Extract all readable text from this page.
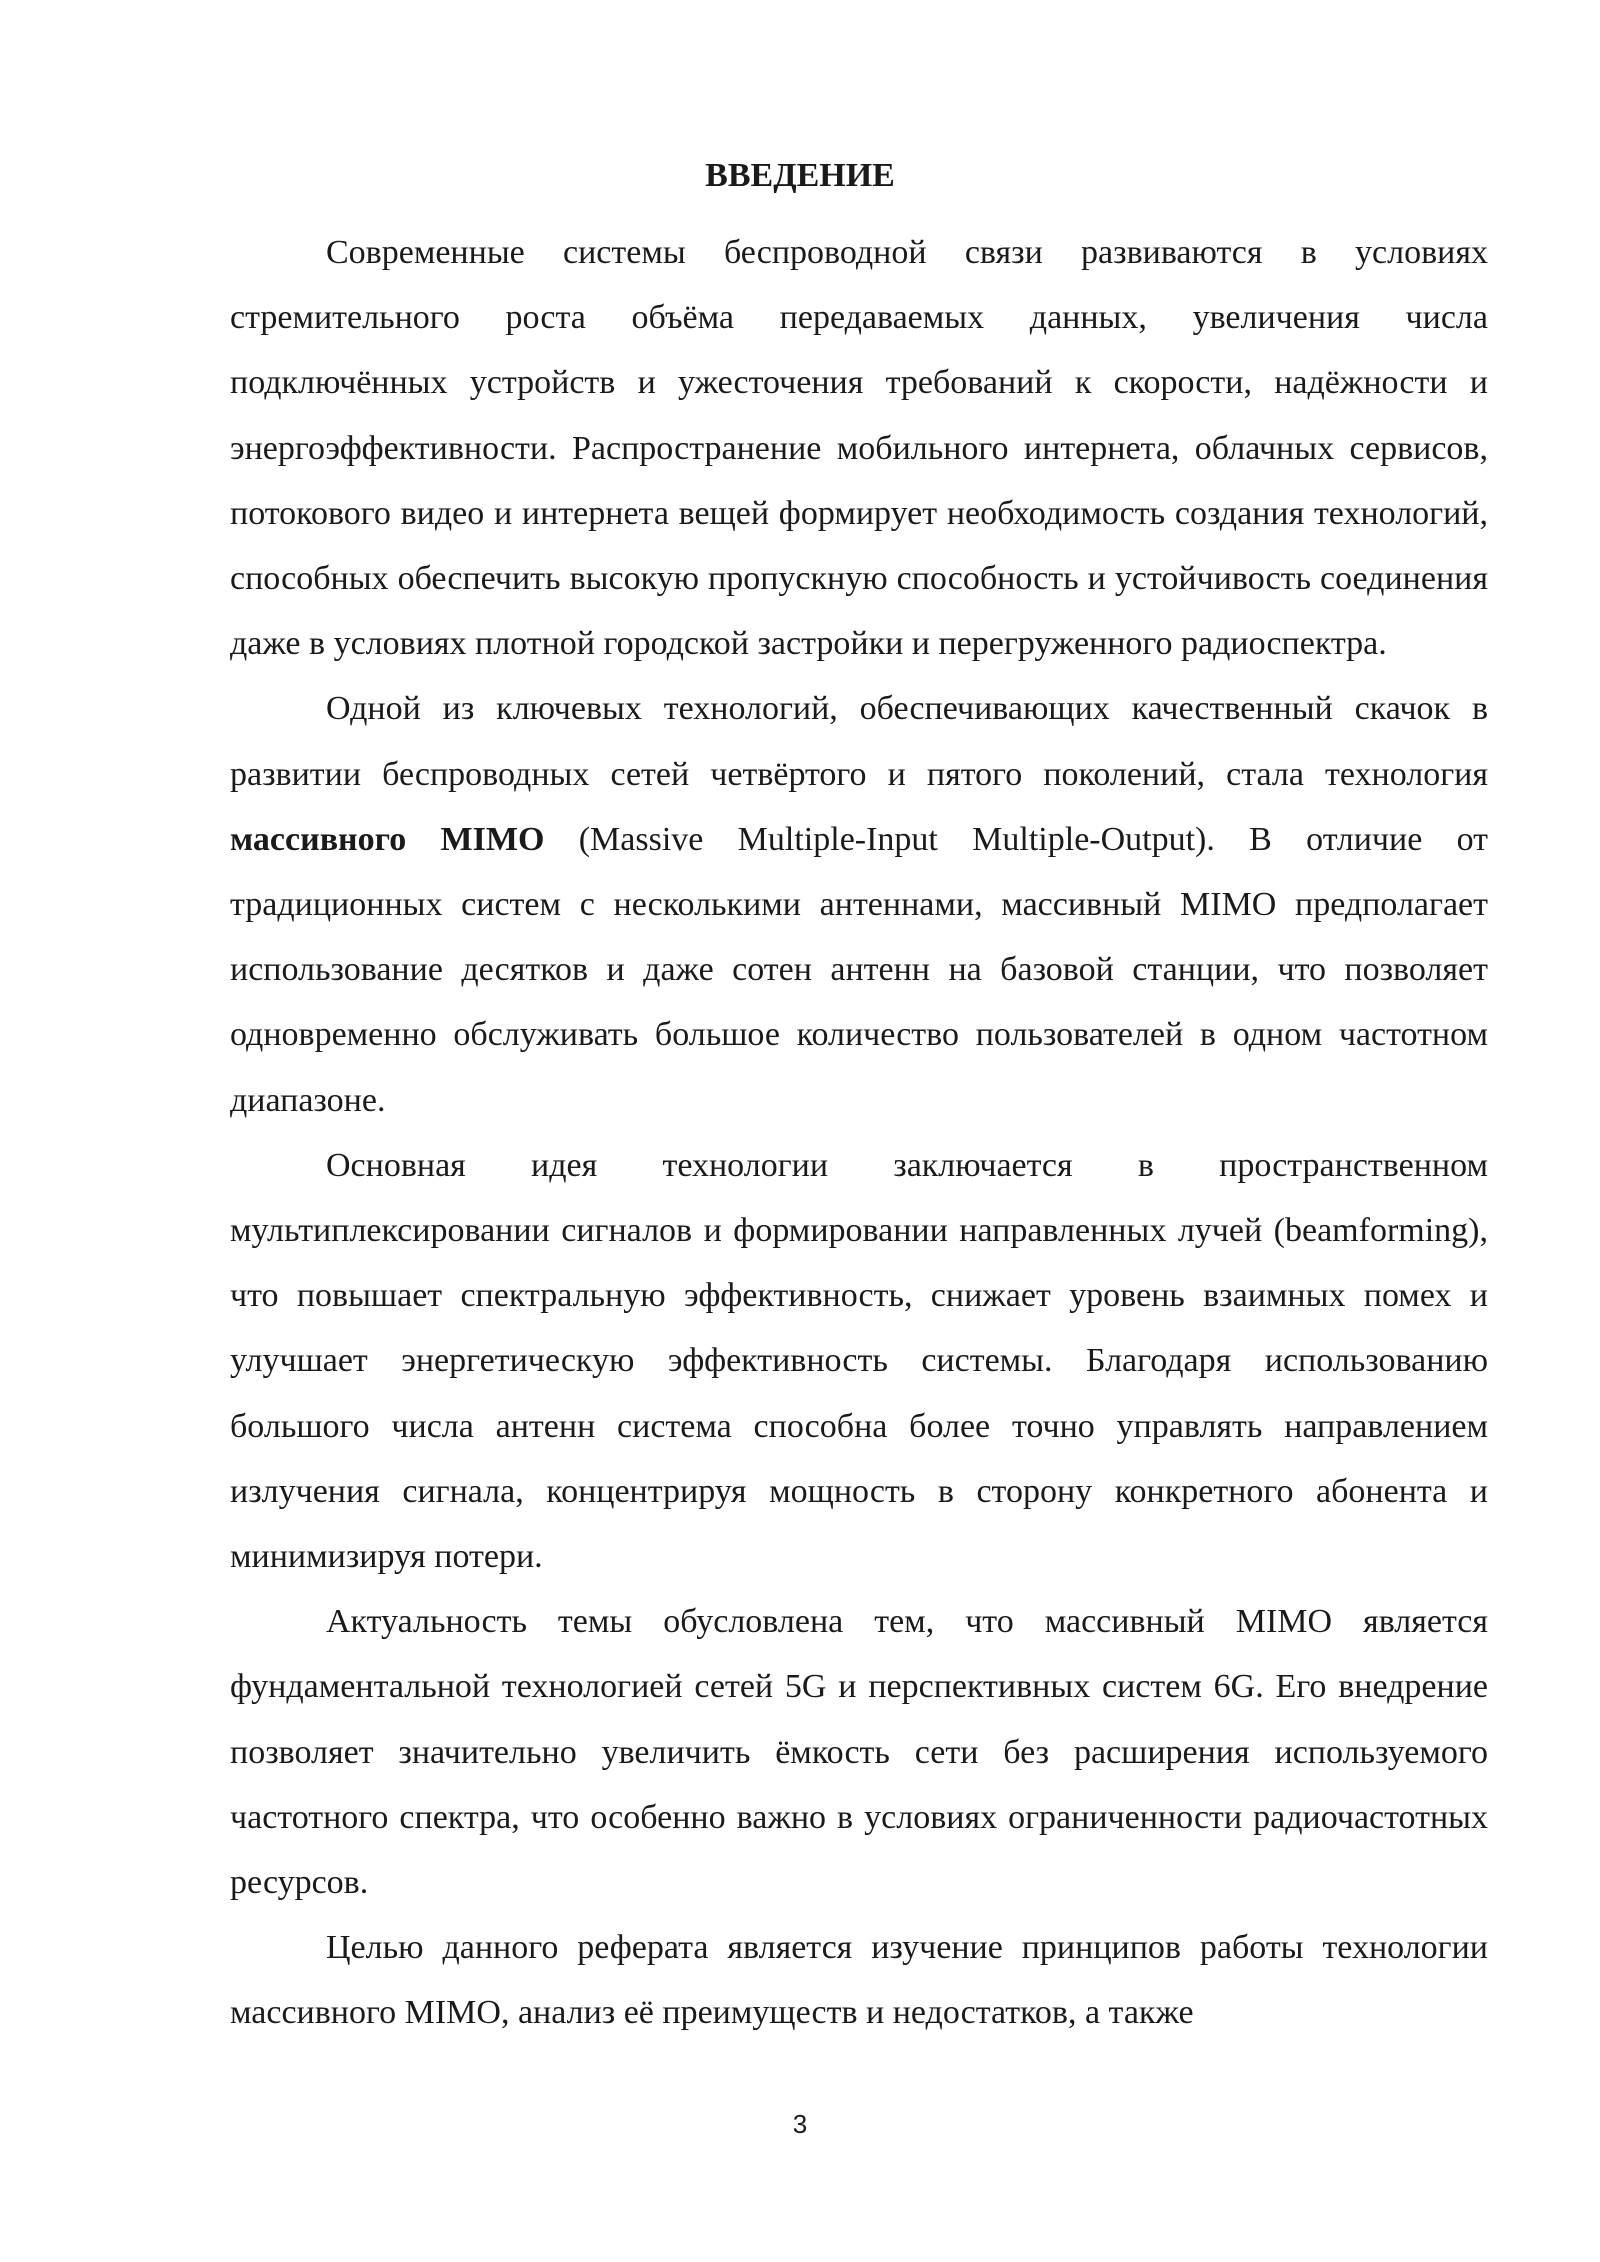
ВВЕДЕНИЕ

Современные системы беспроводной связи развиваются в условиях стремительного роста объёма передаваемых данных, увеличения числа подключённых устройств и ужесточения требований к скорости, надёжности и энергоэффективности. Распространение мобильного интернета, облачных сервисов, потокового видео и интернета вещей формирует необходимость создания технологий, способных обеспечить высокую пропускную способность и устойчивость соединения даже в условиях плотной городской застройки и перегруженного радиоспектра.

Одной из ключевых технологий, обеспечивающих качественный скачок в развитии беспроводных сетей четвёртого и пятого поколений, стала технология массивного MIMO (Massive Multiple-Input Multiple-Output). В отличие от традиционных систем с несколькими антеннами, массивный MIMO предполагает использование десятков и даже сотен антенн на базовой станции, что позволяет одновременно обслуживать большое количество пользователей в одном частотном диапазоне.

Основная идея технологии заключается в пространственном мультиплексировании сигналов и формировании направленных лучей (beamforming), что повышает спектральную эффективность, снижает уровень взаимных помех и улучшает энергетическую эффективность системы. Благодаря использованию большого числа антенн система способна более точно управлять направлением излучения сигнала, концентрируя мощность в сторону конкретного абонента и минимизируя потери.

Актуальность темы обусловлена тем, что массивный MIMO является фундаментальной технологией сетей 5G и перспективных систем 6G. Его внедрение позволяет значительно увеличить ёмкость сети без расширения используемого частотного спектра, что особенно важно в условиях ограниченности радиочастотных ресурсов.

Целью данного реферата является изучение принципов работы технологии массивного MIMO, анализ её преимуществ и недостатков, а также

3
